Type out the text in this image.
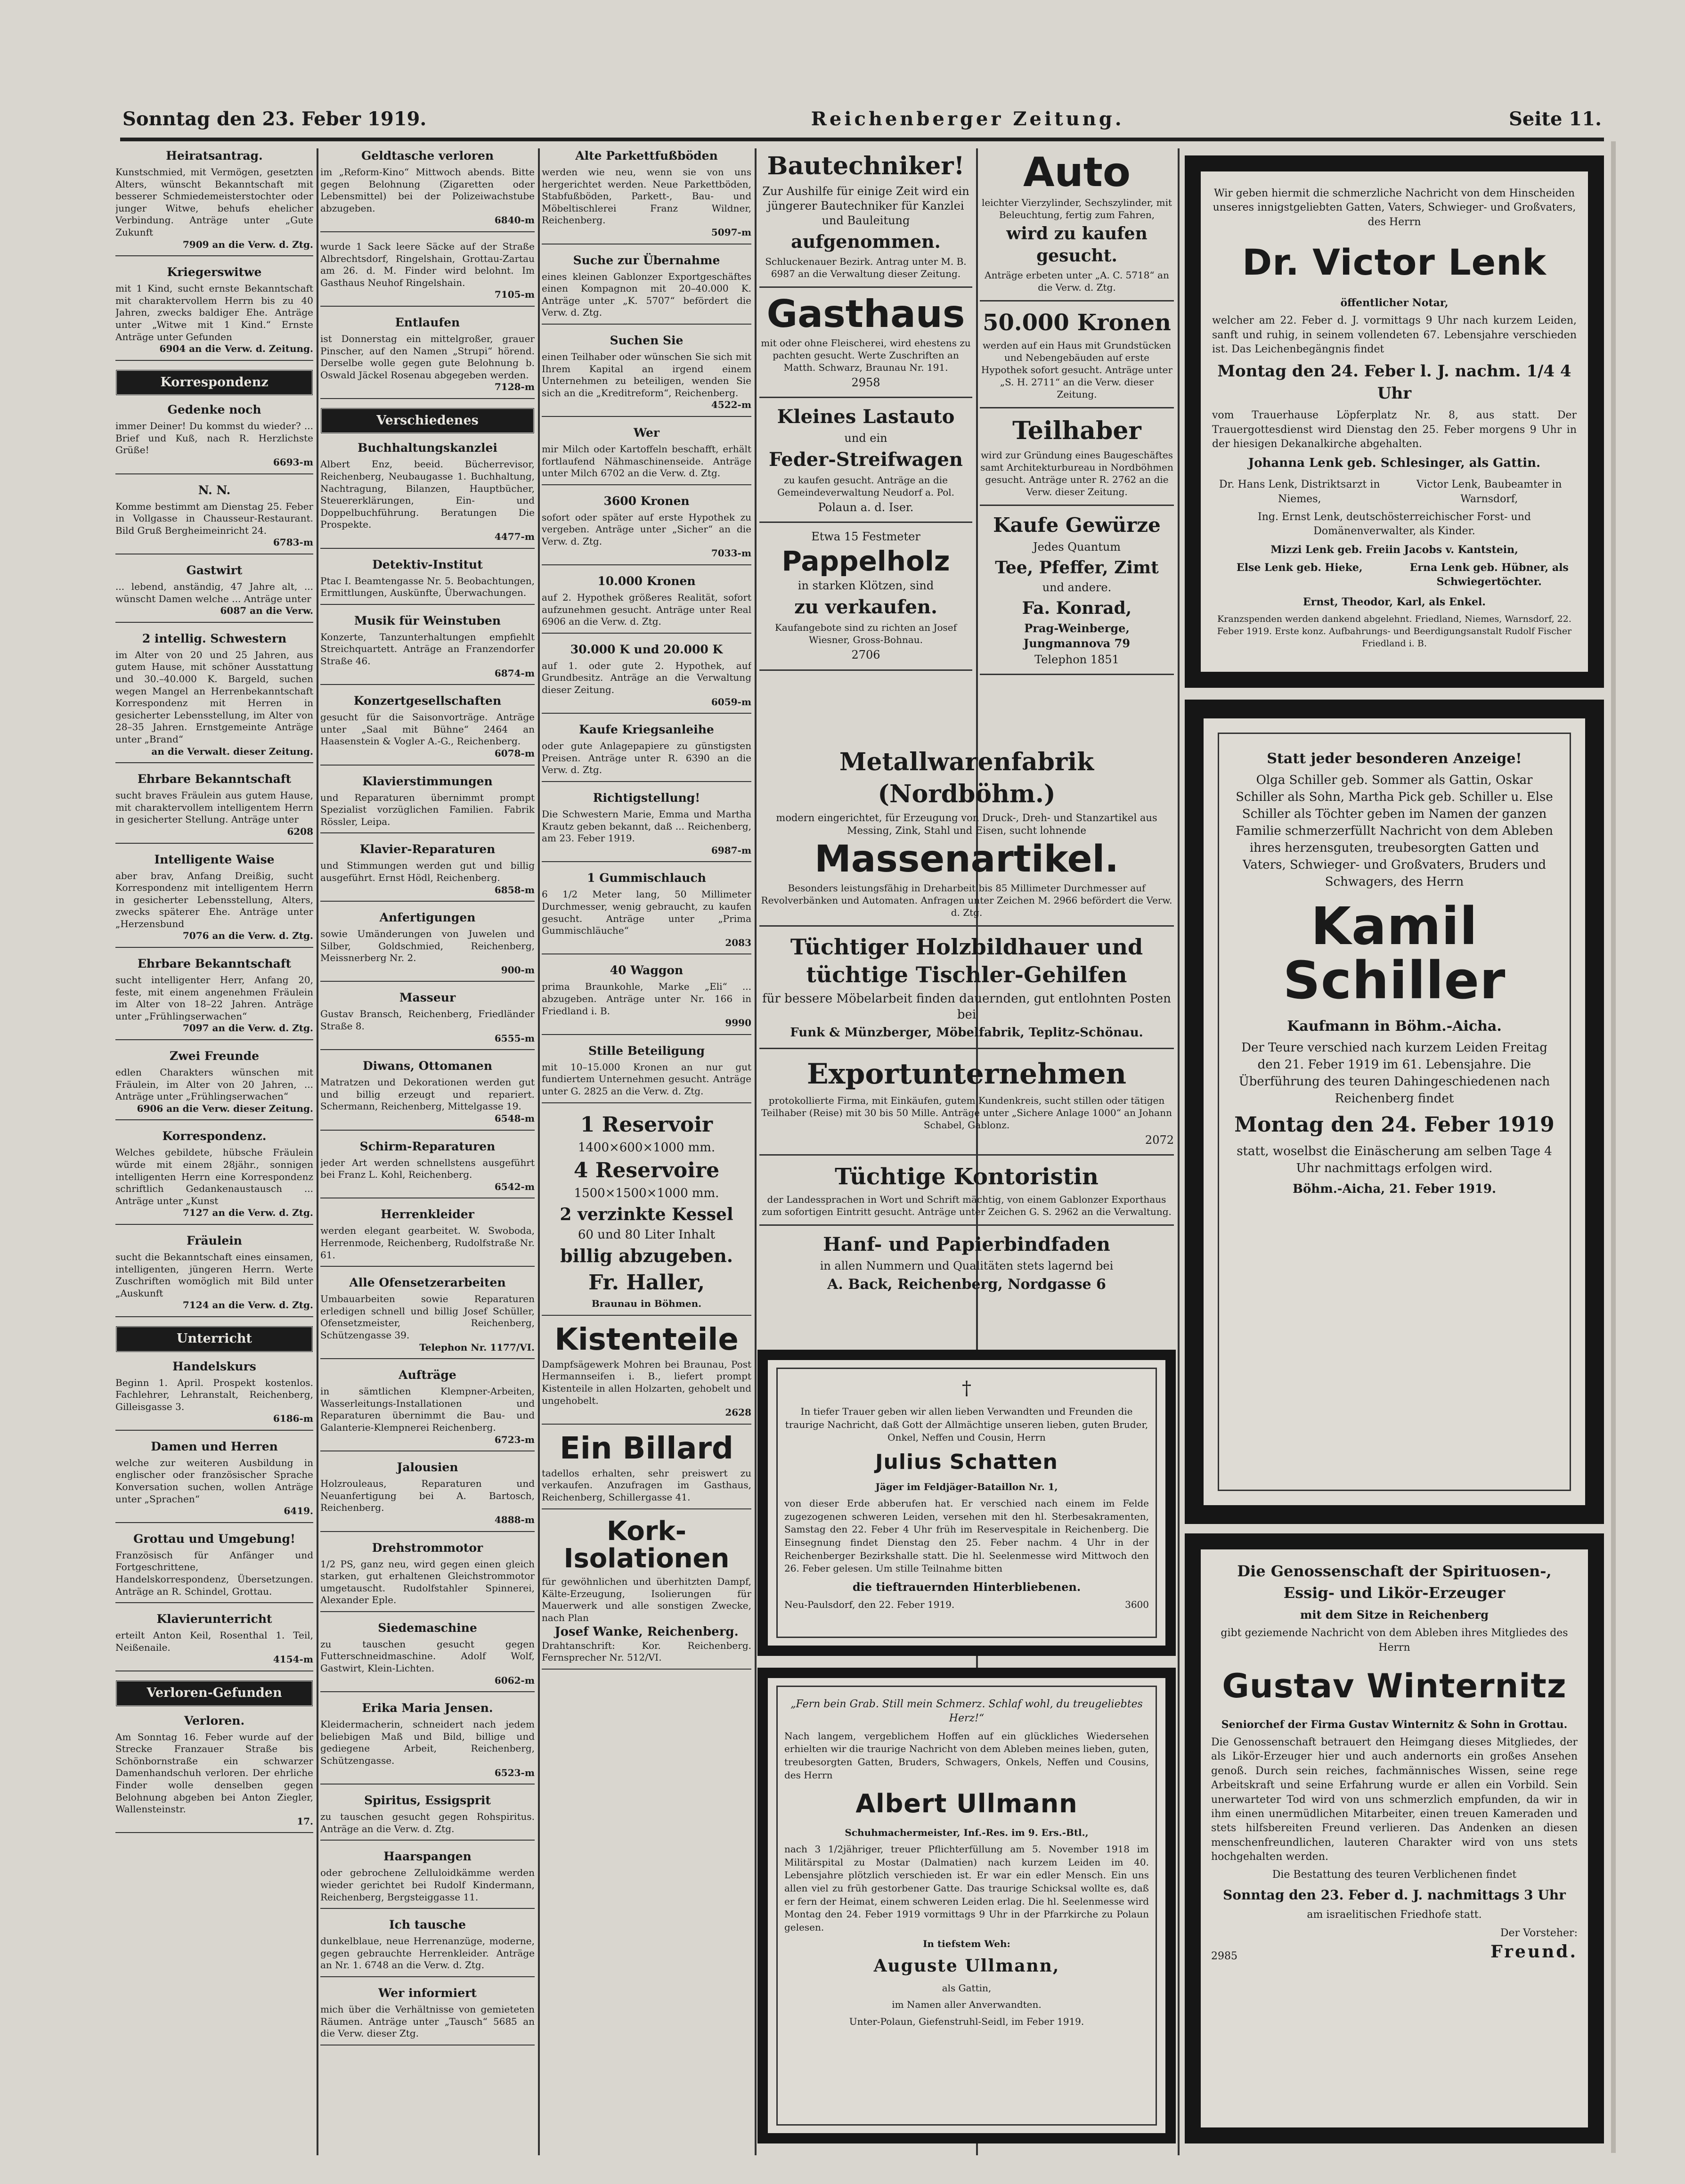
Sonntag den 23. Feber 1919.	Reichenberger Zeitung.	Seite 11.
Heiratsantrag.

Kunstschmied, mit Vermögen, gesetzten Alters, wünscht Bekanntschaft mit besserer Schmiedemeisterstochter oder junger Witwe, behufs ehelicher Verbindung. Anträge unter „Gute Zukunft

7909 an die Verw. d. Ztg.

Kriegerswitwe

mit 1 Kind, sucht ernste Bekanntschaft mit charaktervollem Herrn bis zu 40 Jahren, zwecks baldiger Ehe. Anträge unter „Witwe mit 1 Kind.“ Ernste Anträge unter Gefunden

6904 an die Verw. d. Zeitung.

Korrespondenz
Gedenke noch

immer Deiner! Du kommst du wieder? ... Brief und Kuß, nach R. Herzlichste Grüße!

6693-m

N. N.

Komme bestimmt am Dienstag 25. Feber in Vollgasse in Chausseur-Restaurant. Bild Gruß Bergheimeinricht 24.

6783-m

Gastwirt

... lebend, anständig, 47 Jahre alt, ... wünscht Damen welche ... Anträge unter

6087 an die Verw.

2 intellig. Schwestern

im Alter von 20 und 25 Jahren, aus gutem Hause, mit schöner Ausstattung und 30.–40.000 K. Bargeld, suchen wegen Mangel an Herrenbekanntschaft Korrespondenz mit Herren in gesicherter Lebensstellung, im Alter von 28–35 Jahren. Ernstgemeinte Anträge unter „Brand“

an die Verwalt. dieser Zeitung.

Ehrbare Bekanntschaft

sucht braves Fräulein aus gutem Hause, mit charaktervollem intelligentem Herrn in gesicherter Stellung. Anträge unter

6208

Intelligente Waise

aber brav, Anfang Dreißig, sucht Korrespondenz mit intelligentem Herrn in gesicherter Lebensstellung, Alters, zwecks späterer Ehe. Anträge unter „Herzensbund

7076 an die Verw. d. Ztg.

Ehrbare Bekanntschaft

sucht intelligenter Herr, Anfang 20, feste, mit einem angenehmen Fräulein im Alter von 18–22 Jahren. Anträge unter „Frühlingserwachen“

7097 an die Verw. d. Ztg.

Zwei Freunde

edlen Charakters wünschen mit Fräulein, im Alter von 20 Jahren, ... Anträge unter „Frühlingserwachen“

6906 an die Verw. dieser Zeitung.

Korrespondenz.

Welches gebildete, hübsche Fräulein würde mit einem 28jähr., sonnigen intelligenten Herrn eine Korrespondenz schriftlich Gedankenaustausch ... Anträge unter „Kunst

7127 an die Verw. d. Ztg.

Fräulein

sucht die Bekanntschaft eines einsamen, intelligenten, jüngeren Herrn. Werte Zuschriften womöglich mit Bild unter „Auskunft

7124 an die Verw. d. Ztg.

Unterricht
Handelskurs

Beginn 1. April. Prospekt kostenlos. Fachlehrer, Lehranstalt, Reichenberg, Gilleisgasse 3.

6186-m

Damen und Herren

welche zur weiteren Ausbildung in englischer oder französischer Sprache Konversation suchen, wollen Anträge unter „Sprachen“

6419.

Grottau und Umgebung!

Französisch für Anfänger und Fortgeschrittene, Handelskorrespondenz, Übersetzungen. Anträge an R. Schindel, Grottau.

Klavierunterricht

erteilt Anton Keil, Rosenthal 1. Teil, Neißenaile.

4154-m

Verloren-Gefunden
Verloren.

Am Sonntag 16. Feber wurde auf der Strecke Franzauer Straße bis Schönbornstraße ein schwarzer Damenhandschuh verloren. Der ehrliche Finder wolle denselben gegen Belohnung abgeben bei Anton Ziegler, Wallensteinstr.

17.

Geldtasche verloren

im „Reform-Kino“ Mittwoch abends. Bitte gegen Belohnung (Zigaretten oder Lebensmittel) bei der Polizeiwachstube abzugeben.

6840-m

wurde 1 Sack leere Säcke auf der Straße Albrechtsdorf, Ringelshain, Grottau-Zartau am 26. d. M. Finder wird belohnt. Im Gasthaus Neuhof Ringelshain.

7105-m

Entlaufen

ist Donnerstag ein mittelgroßer, grauer Pinscher, auf den Namen „Strupi“ hörend. Derselbe wolle gegen gute Belohnung b. Oswald Jäckel Rosenau abgegeben werden.

7128-m

Verschiedenes
Buchhaltungskanzlei

Albert Enz, beeid. Bücherrevisor, Reichenberg, Neubaugasse 1. Buchhaltung, Nachtragung, Bilanzen, Hauptbücher, Steuererklärungen, Ein- und Doppelbuchführung. Beratungen Die Prospekte.

4477-m

Detektiv-Institut

Ptac I. Beamtengasse Nr. 5. Beobachtungen, Ermittlungen, Auskünfte, Überwachungen.

Musik für Weinstuben

Konzerte, Tanzunterhaltungen empfiehlt Streichquartett. Anträge an Franzendorfer Straße 46.

6874-m

Konzertgesellschaften

gesucht für die Saisonvorträge. Anträge unter „Saal mit Bühne“ 2464 an Haasenstein & Vogler A.-G., Reichenberg.

6078-m

Klavierstimmungen

und Reparaturen übernimmt prompt Spezialist vorzüglichen Familien. Fabrik Rössler, Leipa.

Klavier-Reparaturen

und Stimmungen werden gut und billig ausgeführt. Ernst Hödl, Reichenberg.

6858-m

Anfertigungen

sowie Umänderungen von Juwelen und Silber, Goldschmied, Reichenberg, Meissnerberg Nr. 2.

900-m

Masseur

Gustav Bransch, Reichenberg, Friedländer Straße 8.

6555-m

Diwans, Ottomanen

Matratzen und Dekorationen werden gut und billig erzeugt und repariert. Schermann, Reichenberg, Mittelgasse 19.

6548-m

Schirm-Reparaturen

jeder Art werden schnellstens ausgeführt bei Franz L. Kohl, Reichenberg.

6542-m

Herrenkleider

werden elegant gearbeitet. W. Swoboda, Herrenmode, Reichenberg, Rudolfstraße Nr. 61.

Alle Ofensetzerarbeiten

Umbauarbeiten sowie Reparaturen erledigen schnell und billig Josef Schüller, Ofensetzmeister, Reichenberg, Schützengasse 39.

Telephon Nr. 1177/VI.

Aufträge

in sämtlichen Klempner-Arbeiten, Wasserleitungs-Installationen und Reparaturen übernimmt die Bau- und Galanterie-Klempnerei Reichenberg.

6723-m

Jalousien

Holzrouleaus, Reparaturen und Neuanfertigung bei A. Bartosch, Reichenberg.

4888-m

Drehstrommotor

1/2 PS, ganz neu, wird gegen einen gleich starken, gut erhaltenen Gleichstrommotor umgetauscht. Rudolfstahler Spinnerei, Alexander Eple.

Siedemaschine

zu tauschen gesucht gegen Futterschneidmaschine. Adolf Wolf, Gastwirt, Klein-Lichten.

6062-m

Erika Maria Jensen.

Kleidermacherin, schneidert nach jedem beliebigen Maß und Bild, billige und gediegene Arbeit, Reichenberg, Schützengasse.

6523-m

Spiritus, Essigsprit

zu tauschen gesucht gegen Rohspiritus. Anträge an die Verw. d. Ztg.

Haarspangen

oder gebrochene Zelluloidkämme werden wieder gerichtet bei Rudolf Kindermann, Reichenberg, Bergsteiggasse 11.

Ich tausche

dunkelblaue, neue Herrenanzüge, moderne, gegen gebrauchte Herrenkleider. Anträge an Nr. 1. 6748 an die Verw. d. Ztg.

Wer informiert

mich über die Verhältnisse von gemieteten Räumen. Anträge unter „Tausch“ 5685 an die Verw. dieser Ztg.

Alte Parkettfußböden

werden wie neu, wenn sie von uns hergerichtet werden. Neue Parkettböden, Stabfußböden, Parkett-, Bau- und Möbeltischlerei Franz Wildner, Reichenberg.

5097-m

Suche zur Übernahme

eines kleinen Gablonzer Exportgeschäftes einen Kompagnon mit 20–40.000 K. Anträge unter „K. 5707“ befördert die Verw. d. Ztg.

Suchen Sie

einen Teilhaber oder wünschen Sie sich mit Ihrem Kapital an irgend einem Unternehmen zu beteiligen, wenden Sie sich an die „Kreditreform“, Reichenberg.

4522-m

Wer

mir Milch oder Kartoffeln beschafft, erhält fortlaufend Nähmaschinenseide. Anträge unter Milch 6702 an die Verw. d. Ztg.

3600 Kronen

sofort oder später auf erste Hypothek zu vergeben. Anträge unter „Sicher“ an die Verw. d. Ztg.

7033-m

10.000 Kronen

auf 2. Hypothek größeres Realität, sofort aufzunehmen gesucht. Anträge unter Real 6906 an die Verw. d. Ztg.

30.000 K und 20.000 K

auf 1. oder gute 2. Hypothek, auf Grundbesitz. Anträge an die Verwaltung dieser Zeitung.

6059-m

Kaufe Kriegsanleihe

oder gute Anlagepapiere zu günstigsten Preisen. Anträge unter R. 6390 an die Verw. d. Ztg.

Richtigstellung!

Die Schwestern Marie, Emma und Martha Krautz geben bekannt, daß ... Reichenberg, am 23. Feber 1919.

6987-m

1 Gummischlauch

6 1/2 Meter lang, 50 Millimeter Durchmesser, wenig gebraucht, zu kaufen gesucht. Anträge unter „Prima Gummischläuche“

2083

40 Waggon

prima Braunkohle, Marke „Eli“ ... abzugeben. Anträge unter Nr. 166 in Friedland i. B.

9990

Stille Beteiligung

mit 10–15.000 Kronen an nur gut fundiertem Unternehmen gesucht. Anträge unter G. 2825 an die Verw. d. Ztg.

1 Reservoir

1400×600×1000 mm.

4 Reservoire

1500×1500×1000 mm.

2 verzinkte Kessel

60 und 80 Liter Inhalt

billig abzugeben.
Fr. Haller,

Braunau in Böhmen.

Kistenteile

Dampfsägewerk Mohren bei Braunau, Post Hermannseifen i. B., liefert prompt Kistenteile in allen Holzarten, gehobelt und ungehobelt.

2628

Ein Billard

tadellos erhalten, sehr preiswert zu verkaufen. Anzufragen im Gasthaus, Reichenberg, Schillergasse 41.

Kork-Isolationen

für gewöhnlichen und überhitzten Dampf, Kälte-Erzeugung, Isolierungen für Mauerwerk und alle sonstigen Zwecke, nach Plan

Josef Wanke, Reichenberg.

Drahtanschrift: Kor. Reichenberg. Fernsprecher Nr. 512/VI.

Bautechniker!

Zur Aushilfe für einige Zeit wird ein jüngerer Bautechniker für Kanzlei und Bauleitung

aufgenommen.

Schluckenauer Bezirk. Antrag unter M. B. 6987 an die Verwaltung dieser Zeitung.

Gasthaus

mit oder ohne Fleischerei, wird ehestens zu pachten gesucht. Werte Zuschriften an Matth. Schwarz, Braunau Nr. 191.

2958

Kleines Lastauto

und ein

Feder-Streifwagen

zu kaufen gesucht. Anträge an die Gemeindeverwaltung Neudorf a. Pol.

Polaun a. d. Iser.

Etwa 15 Festmeter

Pappelholz

in starken Klötzen, sind

zu verkaufen.

Kaufangebote sind zu richten an Josef Wiesner, Gross-Bohnau.

2706

Auto

leichter Vierzylinder, Sechszylinder, mit Beleuchtung, fertig zum Fahren,

wird zu kaufen gesucht.

Anträge erbeten unter „A. C. 5718“ an die Verw. d. Ztg.

50.000 Kronen

werden auf ein Haus mit Grundstücken und Nebengebäuden auf erste Hypothek sofort gesucht. Anträge unter „S. H. 2711“ an die Verw. dieser Zeitung.

Teilhaber

wird zur Gründung eines Baugeschäftes samt Architekturbureau in Nordböhmen gesucht. Anträge unter R. 2762 an die Verw. dieser Zeitung.

Kaufe Gewürze

Jedes Quantum

Tee, Pfeffer, Zimt

und andere.

Fa. Konrad,

Prag-Weinberge, Jungmannova 79

Telephon 1851

Metallwarenfabrik (Nordböhm.)

modern eingerichtet, für Erzeugung von Druck-, Dreh- und Stanzartikel aus Messing, Zink, Stahl und Eisen, sucht lohnende

Massenartikel.

Besonders leistungsfähig in Dreharbeit bis 85 Millimeter Durchmesser auf Revolverbänken und Automaten. Anfragen unter Zeichen M. 2966 befördert die Verw. d. Ztg.

Tüchtiger Holzbildhauer und tüchtige Tischler-Gehilfen

für bessere Möbelarbeit finden dauernden, gut entlohnten Posten bei

Funk & Münzberger, Möbelfabrik, Teplitz-Schönau.

Exportunternehmen

protokollierte Firma, mit Einkäufen, gutem Kundenkreis, sucht stillen oder tätigen Teilhaber (Reise) mit 30 bis 50 Mille. Anträge unter „Sichere Anlage 1000“ an Johann Schabel, Gablonz.

2072

Tüchtige Kontoristin

der Landessprachen in Wort und Schrift mächtig, von einem Gablonzer Exporthaus zum sofortigen Eintritt gesucht. Anträge unter Zeichen G. S. 2962 an die Verwaltung.

Hanf- und Papierbindfaden

in allen Nummern und Qualitäten stets lagernd bei

A. Back, Reichenberg, Nordgasse 6

†

In tiefer Trauer geben wir allen lieben Verwandten und Freunden die traurige Nachricht, daß Gott der Allmächtige unseren lieben, guten Bruder, Onkel, Neffen und Cousin, Herrn

Julius Schatten

Jäger im Feldjäger-Bataillon Nr. 1,

von dieser Erde abberufen hat. Er verschied nach einem im Felde zugezogenen schweren Leiden, versehen mit den hl. Sterbesakramenten, Samstag den 22. Feber 4 Uhr früh im Reservespitale in Reichenberg. Die Einsegnung findet Dienstag den 25. Feber nachm. 4 Uhr in der Reichenberger Bezirkshalle statt. Die hl. Seelenmesse wird Mittwoch den 26. Feber gelesen. Um stille Teilnahme bitten

die tieftrauernden Hinterbliebenen.

Neu-Paulsdorf, den 22. Feber 1919.	3600

„Fern bein Grab. Still mein Schmerz. Schlaf wohl, du treugeliebtes Herz!“

Nach langem, vergeblichem Hoffen auf ein glückliches Wiedersehen erhielten wir die traurige Nachricht von dem Ableben meines lieben, guten, treubesorgten Gatten, Bruders, Schwagers, Onkels, Neffen und Cousins, des Herrn

Albert Ullmann

Schuhmachermeister, Inf.-Res. im 9. Ers.-Btl.,

nach 3 1/2jähriger, treuer Pflichterfüllung am 5. November 1918 im Militärspital zu Mostar (Dalmatien) nach kurzem Leiden im 40. Lebensjahre plötzlich verschieden ist. Er war ein edler Mensch. Ein uns allen viel zu früh gestorbener Gatte. Das traurige Schicksal wollte es, daß er fern der Heimat, einem schweren Leiden erlag. Die hl. Seelenmesse wird Montag den 24. Feber 1919 vormittags 9 Uhr in der Pfarrkirche zu Polaun gelesen.

In tiefstem Weh:

Auguste Ullmann,

als Gattin,

im Namen aller Anverwandten.

Unter-Polaun, Giefenstruhl-Seidl, im Feber 1919.

Wir geben hiermit die schmerzliche Nachricht von dem Hinscheiden unseres innigstgeliebten Gatten, Vaters, Schwieger- und Großvaters, des Herrn

Dr. Victor Lenk

öffentlicher Notar,

welcher am 22. Feber d. J. vormittags 9 Uhr nach kurzem Leiden, sanft und ruhig, in seinem vollendeten 67. Lebensjahre verschieden ist. Das Leichenbegängnis findet

Montag den 24. Feber l. J. nachm. 1/4 4 Uhr

vom Trauerhause Löpferplatz Nr. 8, aus statt. Der Trauergottesdienst wird Dienstag den 25. Feber morgens 9 Uhr in der hiesigen Dekanalkirche abgehalten.

Johanna Lenk geb. Schlesinger, als Gattin.

Dr. Hans Lenk, Distriktsarzt in Niemes,
Victor Lenk, Baubeamter in Warnsdorf,
Ing. Ernst Lenk, deutschösterreichischer Forst- und Domänenverwalter, als Kinder.
Mizzi Lenk geb. Freiin Jacobs v. Kantstein,
Else Lenk geb. Hieke,	Erna Lenk geb. Hübner, als Schwiegertöchter.

Ernst, Theodor, Karl, als Enkel.

Kranzspenden werden dankend abgelehnt. Friedland, Niemes, Warnsdorf, 22. Feber 1919. Erste konz. Aufbahrungs- und Beerdigungsanstalt Rudolf Fischer Friedland i. B.

Statt jeder besonderen Anzeige!

Olga Schiller geb. Sommer als Gattin, Oskar Schiller als Sohn, Martha Pick geb. Schiller u. Else Schiller als Töchter geben im Namen der ganzen Familie schmerzerfüllt Nachricht von dem Ableben ihres herzensguten, treubesorgten Gatten und Vaters, Schwieger- und Großvaters, Bruders und Schwagers, des Herrn

Kamil Schiller

Kaufmann in Böhm.-Aicha.

Der Teure verschied nach kurzem Leiden Freitag den 21. Feber 1919 im 61. Lebensjahre. Die Überführung des teuren Dahingeschiedenen nach Reichenberg findet

Montag den 24. Feber 1919

statt, woselbst die Einäscherung am selben Tage 4 Uhr nachmittags erfolgen wird.

Böhm.-Aicha, 21. Feber 1919.

Die Genossenschaft der Spirituosen-,

Essig- und Likör-Erzeuger

mit dem Sitze in Reichenberg

gibt geziemende Nachricht von dem Ableben ihres Mitgliedes des Herrn

Gustav Winternitz

Seniorchef der Firma Gustav Winternitz & Sohn in Grottau.

Die Genossenschaft betrauert den Heimgang dieses Mitgliedes, der als Likör-Erzeuger hier und auch andernorts ein großes Ansehen genoß. Durch sein reiches, fachmännisches Wissen, seine rege Arbeitskraft und seine Erfahrung wurde er allen ein Vorbild. Sein unerwarteter Tod wird von uns schmerzlich empfunden, da wir in ihm einen unermüdlichen Mitarbeiter, einen treuen Kameraden und stets hilfsbereiten Freund verlieren. Das Andenken an diesen menschenfreundlichen, lauteren Charakter wird von uns stets hochgehalten werden.

Die Bestattung des teuren Verblichenen findet

Sonntag den 23. Feber d. J. nachmittags 3 Uhr

am israelitischen Friedhofe statt.

2985
Der Vorsteher:
Freund.
